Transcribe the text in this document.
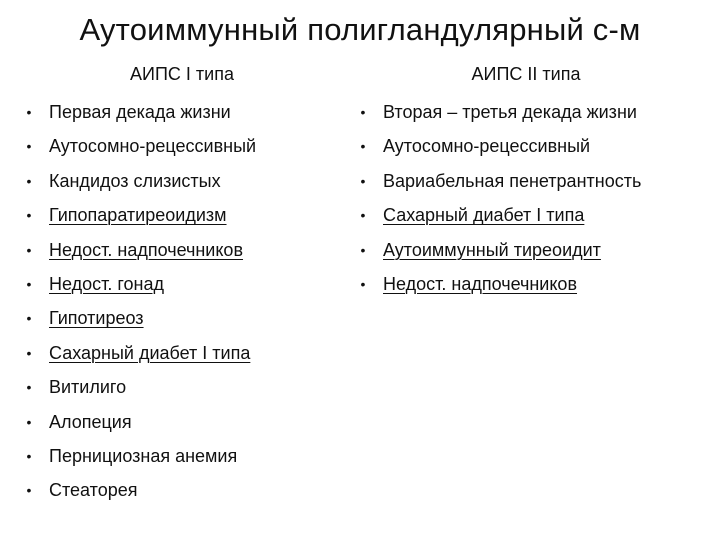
Аутоиммунный полигландулярный с-м
АИПС I типа
• Первая декада жизни
• Аутосомно-рецессивный
• Кандидоз слизистых
• Гипопаратиреоидизм
• Недост. надпочечников
• Недост. гонад
• Гипотиреоз
• Сахарный диабет I типа
• Витилиго
• Алопеция
• Пернициозная анемия
• Стеаторея
АИПС II типа
• Вторая – третья декада жизни
• Аутосомно-рецессивный
• Вариабельная пенетрантность
• Сахарный диабет I типа
• Аутоиммунный тиреоидит
• Недост. надпочечников
